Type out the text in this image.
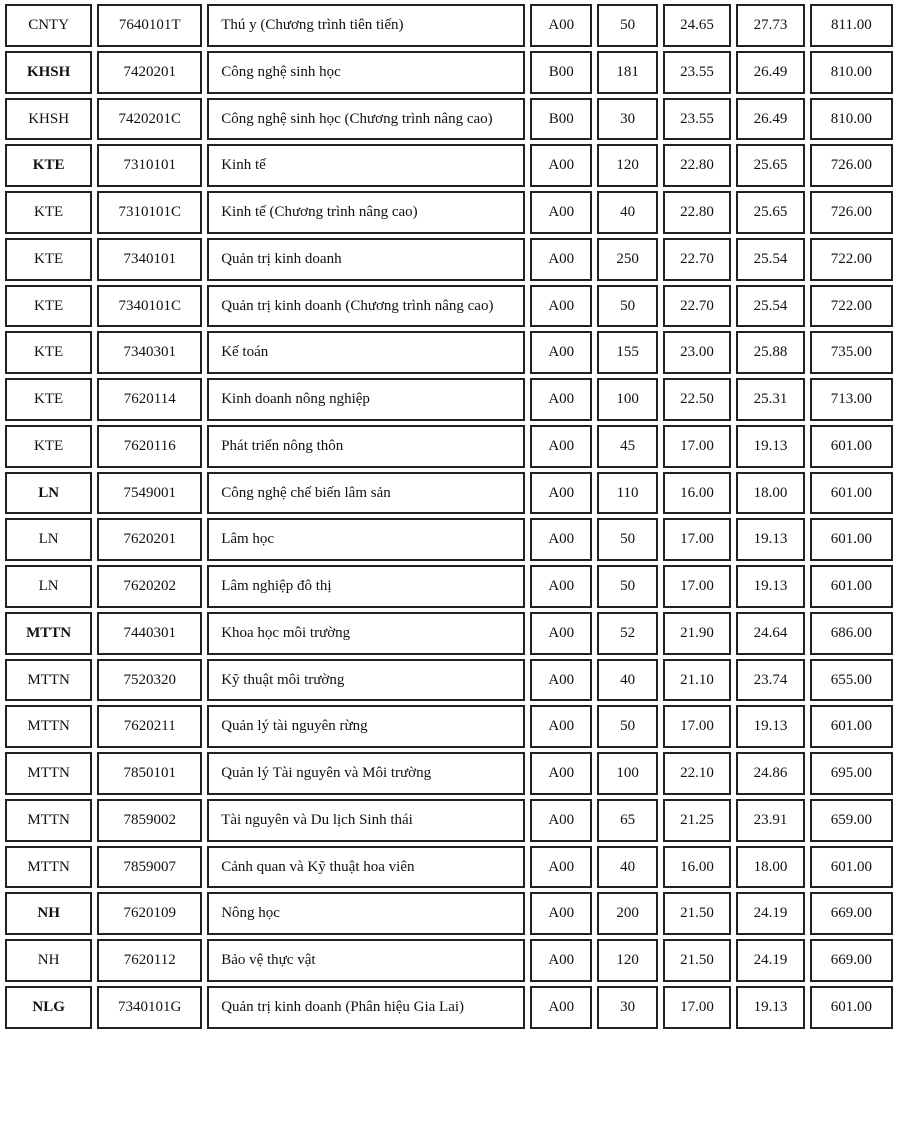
CNTY	7640101T	Thú y (Chương trình tiên tiến)	A00	50	24.65	27.73	811.00
KHSH	7420201	Công nghệ sinh học	B00	181	23.55	26.49	810.00
KHSH	7420201C	Công nghệ sinh học (Chương trình nâng cao)	B00	30	23.55	26.49	810.00
KTE	7310101	Kinh tế	A00	120	22.80	25.65	726.00
KTE	7310101C	Kinh tế (Chương trình nâng cao)	A00	40	22.80	25.65	726.00
KTE	7340101	Quản trị kinh doanh	A00	250	22.70	25.54	722.00
KTE	7340101C	Quản trị kinh doanh (Chương trình nâng cao)	A00	50	22.70	25.54	722.00
KTE	7340301	Kế toán	A00	155	23.00	25.88	735.00
KTE	7620114	Kinh doanh nông nghiệp	A00	100	22.50	25.31	713.00
KTE	7620116	Phát triển nông thôn	A00	45	17.00	19.13	601.00
LN	7549001	Công nghệ chế biến lâm sản	A00	110	16.00	18.00	601.00
LN	7620201	Lâm học	A00	50	17.00	19.13	601.00
LN	7620202	Lâm nghiệp đô thị	A00	50	17.00	19.13	601.00
MTTN	7440301	Khoa học môi trường	A00	52	21.90	24.64	686.00
MTTN	7520320	Kỹ thuật môi trường	A00	40	21.10	23.74	655.00
MTTN	7620211	Quản lý tài nguyên rừng	A00	50	17.00	19.13	601.00
MTTN	7850101	Quản lý Tài nguyên và Môi trường	A00	100	22.10	24.86	695.00
MTTN	7859002	Tài nguyên và Du lịch Sinh thái	A00	65	21.25	23.91	659.00
MTTN	7859007	Cảnh quan và Kỹ thuật hoa viên	A00	40	16.00	18.00	601.00
NH	7620109	Nông học	A00	200	21.50	24.19	669.00
NH	7620112	Bảo vệ thực vật	A00	120	21.50	24.19	669.00
NLG	7340101G	Quản trị kinh doanh (Phân hiệu Gia Lai)	A00	30	17.00	19.13	601.00
